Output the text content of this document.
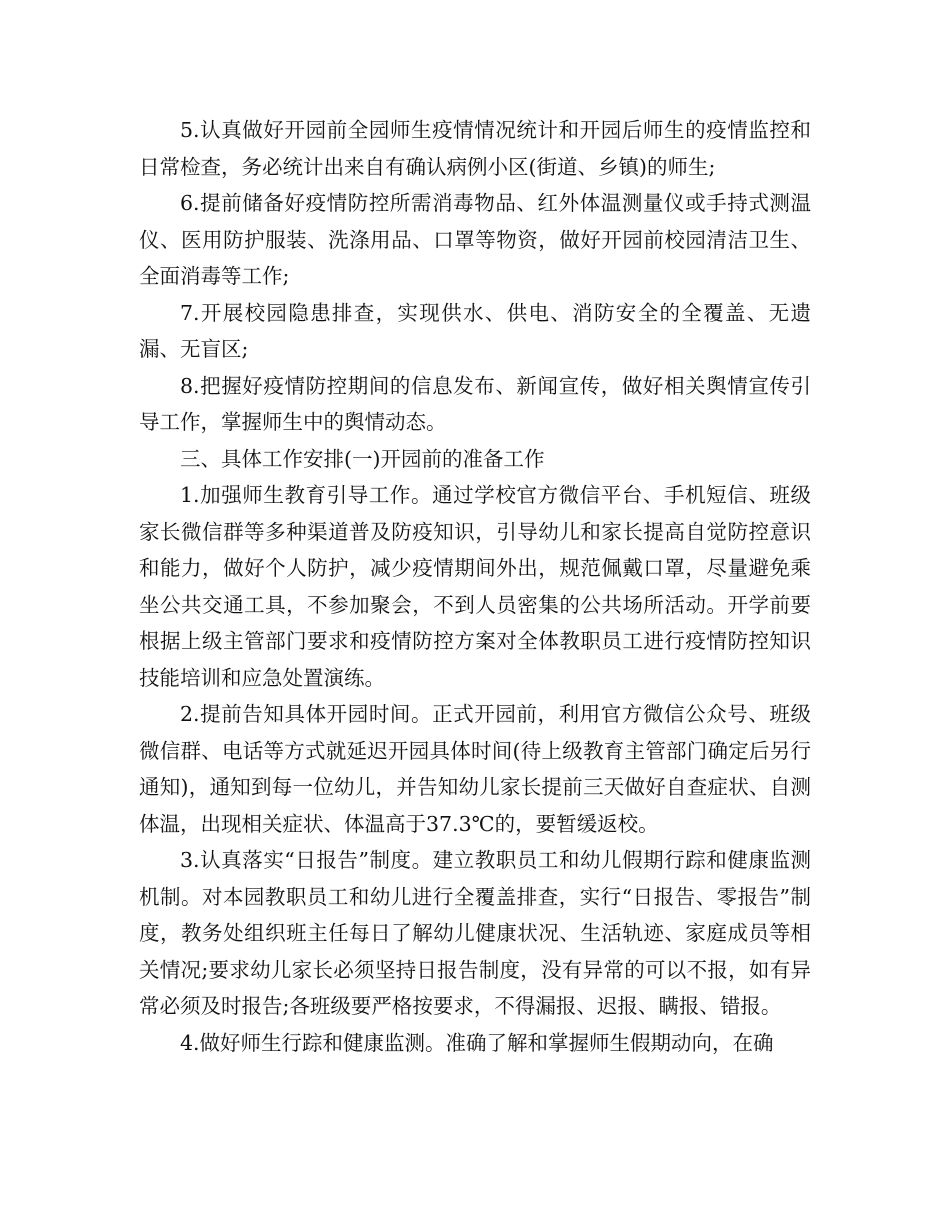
5.认真做好开园前全园师生疫情情况统计和开园后师生的疫情监控和日常检查，务必统计出来自有确认病例小区(街道、乡镇)的师生;

6.提前储备好疫情防控所需消毒物品、红外体温测量仪或手持式测温仪、医用防护服装、洗涤用品、口罩等物资，做好开园前校园清洁卫生、全面消毒等工作;

7.开展校园隐患排查，实现供水、供电、消防安全的全覆盖、无遗漏、无盲区;

8.把握好疫情防控期间的信息发布、新闻宣传，做好相关舆情宣传引导工作，掌握师生中的舆情动态。

三、具体工作安排(一)开园前的准备工作

1.加强师生教育引导工作。通过学校官方微信平台、手机短信、班级家长微信群等多种渠道普及防疫知识，引导幼儿和家长提高自觉防控意识和能力，做好个人防护，减少疫情期间外出，规范佩戴口罩，尽量避免乘坐公共交通工具，不参加聚会，不到人员密集的公共场所活动。开学前要根据上级主管部门要求和疫情防控方案对全体教职员工进行疫情防控知识技能培训和应急处置演练。

2.提前告知具体开园时间。正式开园前，利用官方微信公众号、班级微信群、电话等方式就延迟开园具体时间(待上级教育主管部门确定后另行通知)，通知到每一位幼儿，并告知幼儿家长提前三天做好自查症状、自测体温，出现相关症状、体温高于37.3℃的，要暂缓返校。

3.认真落实“日报告”制度。建立教职员工和幼儿假期行踪和健康监测机制。对本园教职员工和幼儿进行全覆盖排查，实行“日报告、零报告”制度，教务处组织班主任每日了解幼儿健康状况、生活轨迹、家庭成员等相关情况;要求幼儿家长必须坚持日报告制度，没有异常的可以不报，如有异常必须及时报告;各班级要严格按要求，不得漏报、迟报、瞒报、错报。

4.做好师生行踪和健康监测。准确了解和掌握师生假期动向，在确
